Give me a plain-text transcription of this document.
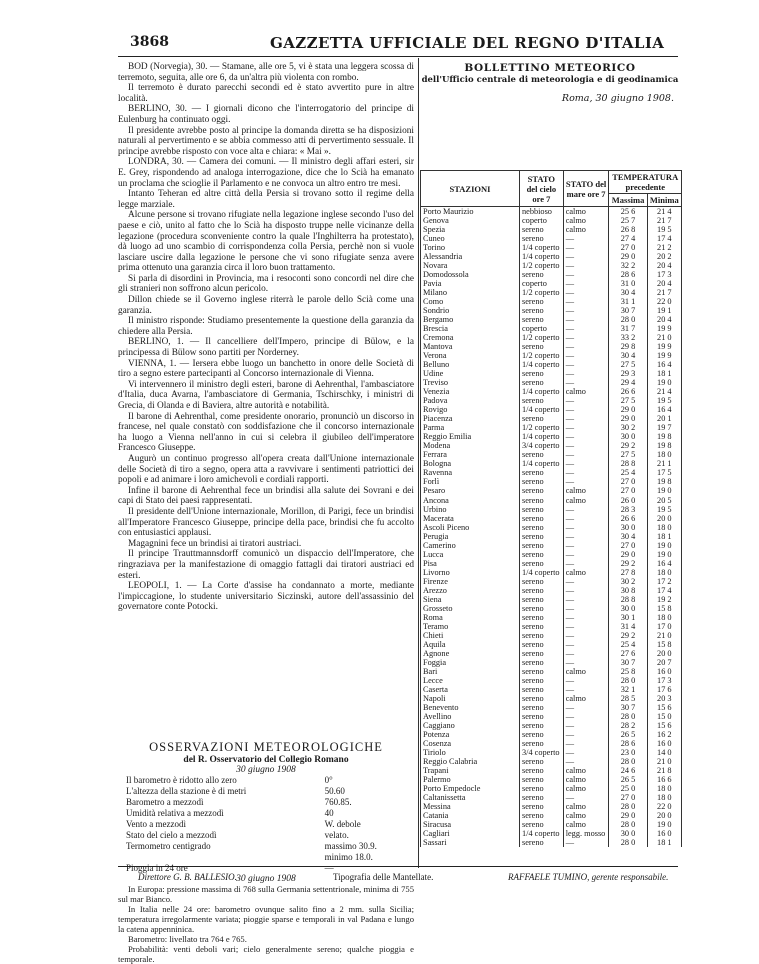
3868	GAZZETTA UFFICIALE DEL REGNO D'ITALIA

BOD (Norvegia), 30. — Stamane, alle ore 5, vi è stata una leggera scossa di terremoto, seguita, alle ore 6, da un'altra più violenta con rombo.

Il terremoto è durato parecchi secondi ed è stato avvertito pure in altre località.

BERLINO, 30. — I giornali dicono che l'interrogatorio del principe di Eulenburg ha continuato oggi.

Il presidente avrebbe posto al principe la domanda diretta se ha disposizioni naturali al pervertimento e se abbia commesso atti di pervertimento sessuale. Il principe avrebbe risposto con voce alta e chiara: « Mai ».

LONDRA, 30. — Camera dei comuni. — Il ministro degli affari esteri, sir E. Grey, rispondendo ad analoga interrogazione, dice che lo Scià ha emanato un proclama che scioglie il Parlamento e ne convoca un altro entro tre mesi.

Intanto Teheran ed altre città della Persia si trovano sotto il regime della legge marziale.

Alcune persone si trovano rifugiate nella legazione inglese secondo l'uso del paese e ciò, unito al fatto che lo Scià ha disposto truppe nelle vicinanze della legazione (procedura sconveniente contro la quale l'Inghilterra ha protestato), dà luogo ad uno scambio di corrispondenza colla Persia, perchè non si vuole lasciare uscire dalla legazione le persone che vi sono rifugiate senza avere prima ottenuto una garanzia circa il loro buon trattamento.

Si parla di disordini in Provincia, ma i resoconti sono concordi nel dire che gli stranieri non soffrono alcun pericolo.

Dillon chiede se il Governo inglese riterrà le parole dello Scià come una garanzia.

Il ministro risponde: Studiamo presentemente la questione della garanzia da chiedere alla Persia.

BERLINO, 1. — Il cancelliere dell'Impero, principe di Bülow, e la principessa di Bülow sono partiti per Norderney.

VIENNA, 1. — Iersera ebbe luogo un banchetto in onore delle Società di tiro a segno estere partecipanti al Concorso internazionale di Vienna.

Vi intervennero il ministro degli esteri, barone di Aehrenthal, l'ambasciatore d'Italia, duca Avarna, l'ambasciatore di Germania, Tschirschky, i ministri di Grecia, di Olanda e di Baviera, altre autorità e notabilità.

Il barone di Aehrenthal, come presidente onorario, pronunciò un discorso in francese, nel quale constatò con soddisfazione che il concorso internazionale ha luogo a Vienna nell'anno in cui si celebra il giubileo dell'imperatore Francesco Giuseppe.

Augurò un continuo progresso all'opera creata dall'Unione internazionale delle Società di tiro a segno, opera atta a ravvivare i sentimenti patriottici dei popoli e ad animare i loro amichevoli e cordiali rapporti.

Infine il barone di Aehrenthal fece un brindisi alla salute dei Sovrani e dei capi di Stato dei paesi rappresentati.

Il presidente dell'Unione internazionale, Morillon, di Parigi, fece un brindisi all'Imperatore Francesco Giuseppe, principe della pace, brindisi che fu accolto con entusiastici applausi.

Magagnini fece un brindisi ai tiratori austriaci.

Il principe Trauttmannsdorff comunicò un dispaccio dell'Imperatore, che ringraziava per la manifestazione di omaggio fattagli dai tiratori austriaci ed esteri.

LEOPOLI, 1. — La Corte d'assise ha condannato a morte, mediante l'impiccagione, lo studente universitario Siczinski, autore dell'assassinio del governatore conte Potocki.

OSSERVAZIONI METEOROLOGICHE
del R. Osservatorio del Collegio Romano
30 giugno 1908
Il barometro è ridotto allo zero	0°
L'altezza della stazione è di metri	50.60
Barometro a mezzodì	760.85.
Umidità relativa a mezzodì	40
Vento a mezzodì	W. debole
Stato del cielo a mezzodì	velato.
Termometro centigrado	massimo 30.9.
minimo 18.0.
Pioggia in 24 ore	—
30 giugno 1908
In Europa: pressione massima di 768 sulla Germania settentrionale, minima di 755 sul mar Bianco.
In Italia nelle 24 ore: barometro ovunque salito fino a 2 mm. sulla Sicilia; temperatura irregolarmente variata; pioggie sparse e temporali in val Padana e lungo la catena appenninica.
Barometro: livellato tra 764 e 765.
Probabilità: venti deboli vari; cielo generalmente sereno; qualche pioggia e temporale.
BOLLETTINO METEORICO
dell'Ufficio centrale di meteorologia e di geodinamica
Roma, 30 giugno 1908.
STAZIONI	STATO del cielo ore 7	STATO del mare ore 7	TEMPERATURA precedente	
			Massima	Minima
Porto Maurizio	nebbioso	calmo	25 6	21 4
Genova	coperto	calmo	25 7	21 7
Spezia	sereno	calmo	26 8	19 5
Cuneo	sereno	—	27 4	17 4
Torino	1/4 coperto	—	27 0	21 2
Alessandria	1/4 coperto	—	29 0	20 2
Novara	1/2 coperto	—	32 2	20 4
Domodossola	sereno	—	28 6	17 3
Pavia	coperto	—	31 0	20 4
Milano	1/2 coperto	—	30 4	21 7
Como	sereno	—	31 1	22 0
Sondrio	sereno	—	30 7	19 1
Bergamo	sereno	—	28 0	20 4
Brescia	coperto	—	31 7	19 9
Cremona	1/2 coperto	—	33 2	21 0
Mantova	sereno	—	29 8	19 9
Verona	1/2 coperto	—	30 4	19 9
Belluno	1/4 coperto	—	27 5	16 4
Udine	sereno	—	29 3	18 1
Treviso	sereno	—	29 4	19 0
Venezia	1/4 coperto	calmo	26 6	21 4
Padova	sereno	—	27 5	19 5
Rovigo	1/4 coperto	—	29 0	16 4
Piacenza	sereno	—	29 0	20 1
Parma	1/2 coperto	—	30 2	19 7
Reggio Emilia	1/4 coperto	—	30 0	19 8
Modena	3/4 coperto	—	29 2	19 8
Ferrara	sereno	—	27 5	18 0
Bologna	1/4 coperto	—	28 8	21 1
Ravenna	sereno	—	25 4	17 5
Forlì	sereno	—	27 0	19 8
Pesaro	sereno	calmo	27 0	19 0
Ancona	sereno	calmo	26 0	20 5
Urbino	sereno	—	28 3	19 5
Macerata	sereno	—	26 6	20 0
Ascoli Piceno	sereno	—	30 0	18 0
Perugia	sereno	—	30 4	18 1
Camerino	sereno	—	27 0	19 0
Lucca	sereno	—	29 0	19 0
Pisa	sereno	—	29 2	16 4
Livorno	1/4 coperto	calmo	27 8	18 0
Firenze	sereno	—	30 2	17 2
Arezzo	sereno	—	30 8	17 4
Siena	sereno	—	28 8	19 2
Grosseto	sereno	—	30 0	15 8
Roma	sereno	—	30 1	18 0
Teramo	sereno	—	31 4	17 0
Chieti	sereno	—	29 2	21 0
Aquila	sereno	—	25 4	15 8
Agnone	sereno	—	27 6	20 0
Foggia	sereno	—	30 7	20 7
Bari	sereno	calmo	25 8	16 0
Lecce	sereno	—	28 0	17 3
Caserta	sereno	—	32 1	17 6
Napoli	sereno	calmo	28 5	20 3
Benevento	sereno	—	30 7	15 6
Avellino	sereno	—	28 0	15 0
Caggiano	sereno	—	28 2	15 6
Potenza	sereno	—	26 5	16 2
Cosenza	sereno	—	28 6	16 0
Tiriolo	3/4 coperto	—	23 0	14 0
Reggio Calabria	sereno	—	28 0	21 0
Trapani	sereno	calmo	24 6	21 8
Palermo	sereno	calmo	26 5	16 6
Porto Empedocle	sereno	calmo	25 0	18 0
Caltanissetta	sereno	—	27 0	18 0
Messina	sereno	calmo	28 0	22 0
Catania	sereno	calmo	29 0	20 0
Siracusa	sereno	calmo	28 0	19 0
Cagliari	1/4 coperto	legg. mosso	30 0	16 0
Sassari	sereno	—	28 0	18 1
Direttore G. B. BALLESIO.	Tipografia delle Mantellate.	RAFFAELE TUMINO, gerente responsabile.
